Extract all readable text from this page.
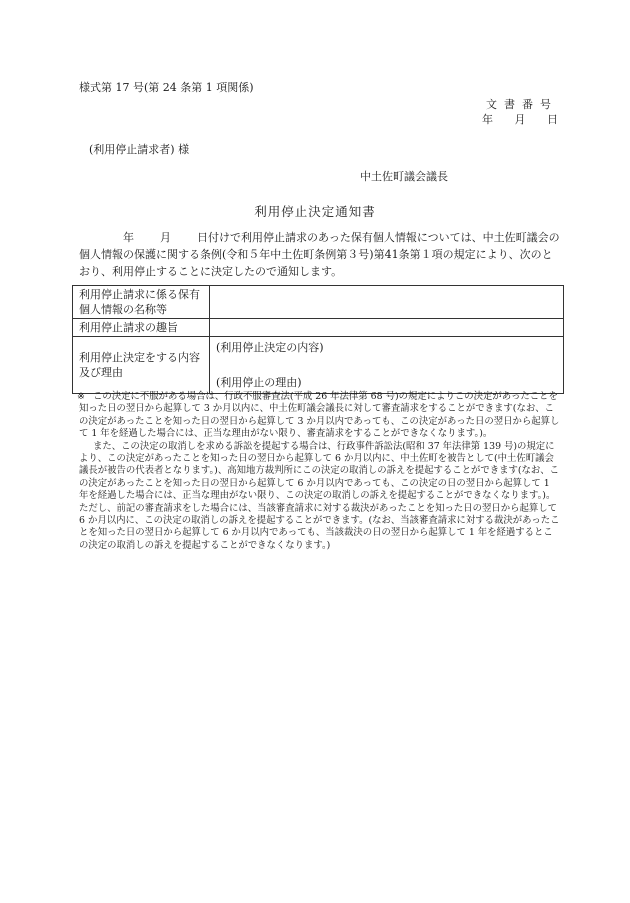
様式第 17 号(第 24 条第 1 項関係)
文書番号
年 月 日
(利用停止請求者) 様
中土佐町議会議長
利用停止決定通知書
年 月 日付けで利用停止請求のあった保有個人情報については、中土佐町議会の個人情報の保護に関する条例(令和５年中土佐町条例第３号)第41条第１項の規定により、次のとおり、利用停止することに決定したので通知します。
利用停止請求に係る保有個人情報の名称等	
利用停止請求の趣旨	
利用停止決定をする内容及び理由	(利用停止決定の内容)
(利用停止の理由)
※ この決定に不服がある場合は、行政不服審査法(平成 26 年法律第 68 号)の規定によりこの決定があったことを知った日の翌日から起算して 3 か月以内に、中土佐町議会議長に対して審査請求をすることができます(なお、この決定があったことを知った日の翌日から起算して 3 か月以内であっても、この決定があった日の翌日から起算して 1 年を経過した場合には、正当な理由がない限り、審査請求をすることができなくなります。)。

また、この決定の取消しを求める訴訟を提起する場合は、行政事件訴訟法(昭和 37 年法律第 139 号)の規定により、この決定があったことを知った日の翌日から起算して 6 か月以内に、中土佐町を被告として(中土佐町議会議長が被告の代表者となります。)、高知地方裁判所にこの決定の取消しの訴えを提起することができます(なお、この決定があったことを知った日の翌日から起算して 6 か月以内であっても、この決定の日の翌日から起算して 1 年を経過した場合には、正当な理由がない限り、この決定の取消しの訴えを提起することができなくなります。)。ただし、前記の審査請求をした場合には、当該審査請求に対する裁決があったことを知った日の翌日から起算して 6 か月以内に、この決定の取消しの訴えを提起することができます。(なお、当該審査請求に対する裁決があったことを知った日の翌日から起算して 6 か月以内であっても、当該裁決の日の翌日から起算して 1 年を経過するとこの決定の取消しの訴えを提起することができなくなります。)
